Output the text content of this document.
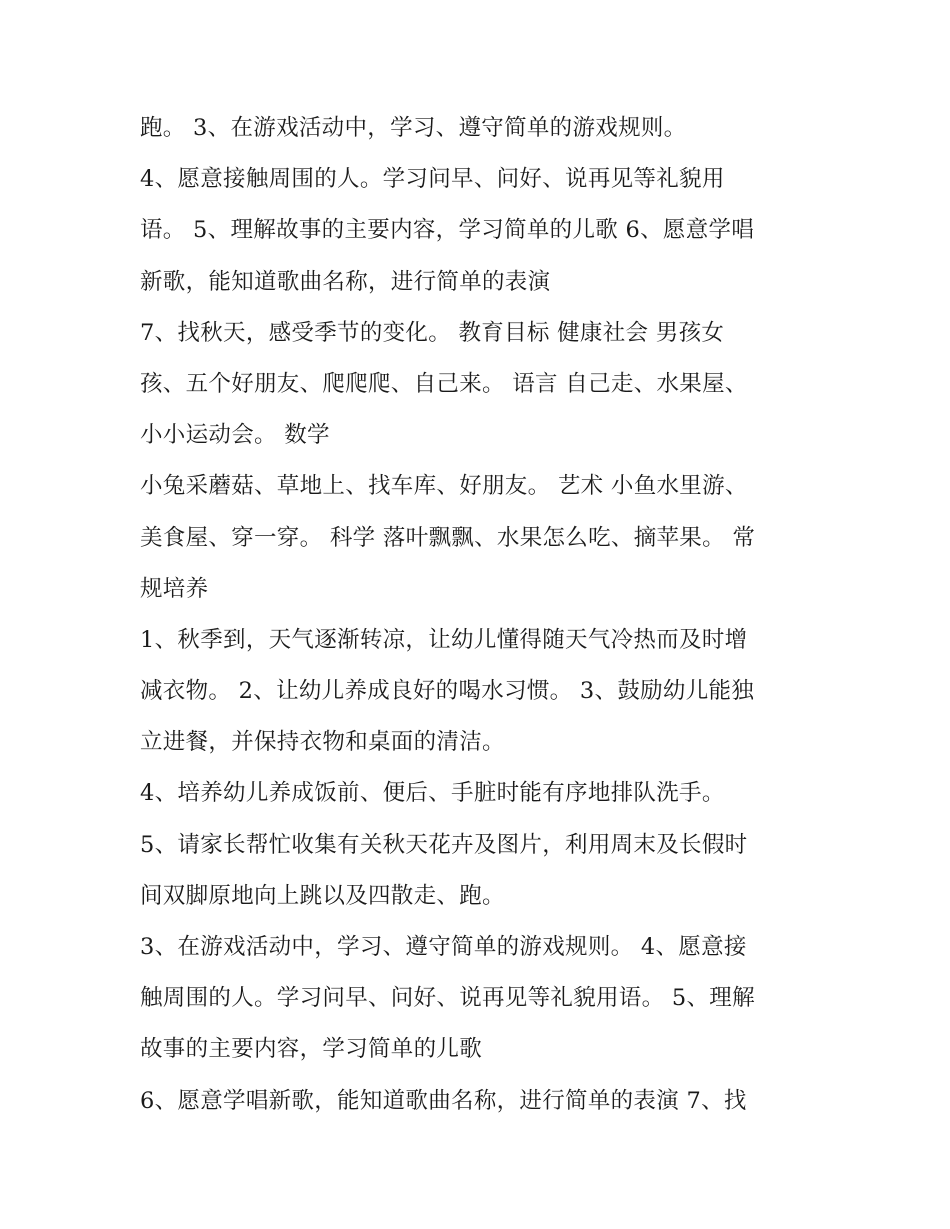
跑。 3、在游戏活动中，学习、遵守简单的游戏规则。
4、愿意接触周围的人。学习问早、问好、说再见等礼貌用
语。 5、理解故事的主要内容，学习简单的儿歌 6、愿意学唱
新歌，能知道歌曲名称，进行简单的表演
7、找秋天，感受季节的变化。 教育目标 健康社会 男孩女
孩、五个好朋友、爬爬爬、自己来。 语言 自己走、水果屋、
小小运动会。 数学
小兔采蘑菇、草地上、找车库、好朋友。 艺术 小鱼水里游、
美食屋、穿一穿。 科学 落叶飘飘、水果怎么吃、摘苹果。 常
规培养
1、秋季到，天气逐渐转凉，让幼儿懂得随天气冷热而及时增
减衣物。 2、让幼儿养成良好的喝水习惯。 3、鼓励幼儿能独
立进餐，并保持衣物和桌面的清洁。
4、培养幼儿养成饭前、便后、手脏时能有序地排队洗手。
5、请家长帮忙收集有关秋天花卉及图片，利用周末及长假时
间双脚原地向上跳以及四散走、跑。
3、在游戏活动中，学习、遵守简单的游戏规则。 4、愿意接
触周围的人。学习问早、问好、说再见等礼貌用语。 5、理解
故事的主要内容，学习简单的儿歌
6、愿意学唱新歌，能知道歌曲名称，进行简单的表演 7、找
